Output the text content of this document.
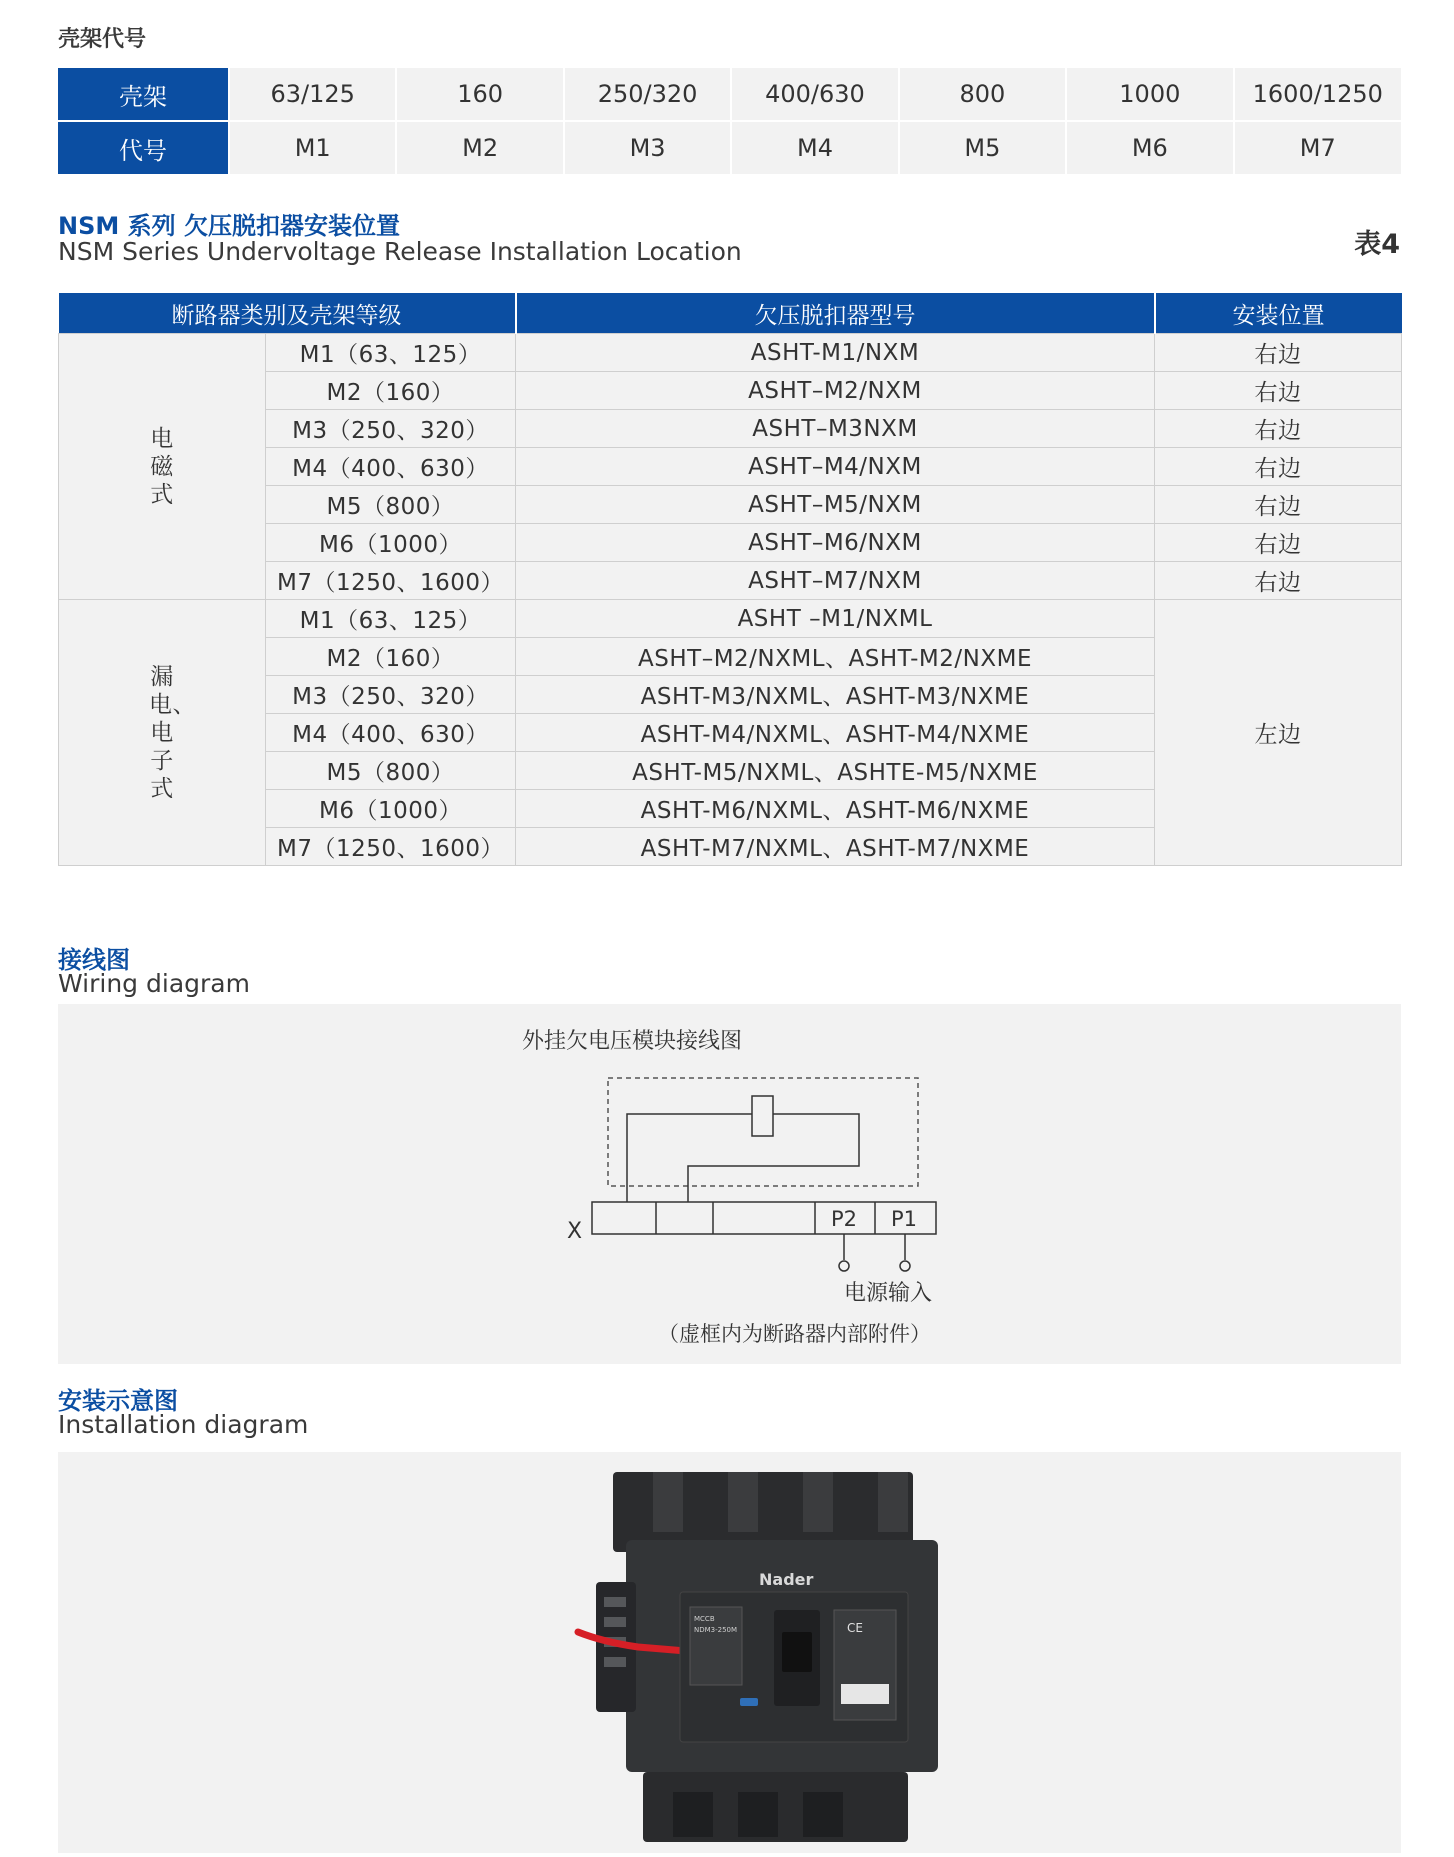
壳架代号
壳架	63/125	160	250/320	400/630	800	1000	1600/1250
代号	M1	M2	M3	M4	M5	M6	M7
NSM 系列 欠压脱扣器安装位置
NSM Series Undervoltage Release Installation Location	表4
断路器类别及壳架等级		欠压脱扣器型号	安装位置
电磁式	M1（63、125）	ASHT-M1/NXM	右边
	M2（160）	ASHT–M2/NXM	右边
	M3（250、320）	ASHT–M3NXM	右边
	M4（400、630）	ASHT–M4/NXM	右边
	M5（800）	ASHT–M5/NXM	右边
	M6（1000）	ASHT–M6/NXM	右边
	M7（1250、1600）	ASHT–M7/NXM	右边
漏电、电子式	M1（63、125）	ASHT –M1/NXML	左边
	M2（160）	ASHT–M2/NXML、ASHT-M2/NXME	
	M3（250、320）	ASHT-M3/NXML、ASHT-M3/NXME	
	M4（400、630）	ASHT-M4/NXML、ASHT-M4/NXME	
	M5（800）	ASHT-M5/NXML、ASHTE-M5/NXME	
	M6（1000）	ASHT-M6/NXML、ASHT-M6/NXME	
	M7（1250、1600）	ASHT-M7/NXML、ASHT-M7/NXME	
接线图
Wiring diagram
外挂欠电压模块接线图
X	P2 P1
电源输入
（虚框内为断路器内部附件）
安装示意图
Installation diagram
Nader
MCCB
NDM3-250M	CE
